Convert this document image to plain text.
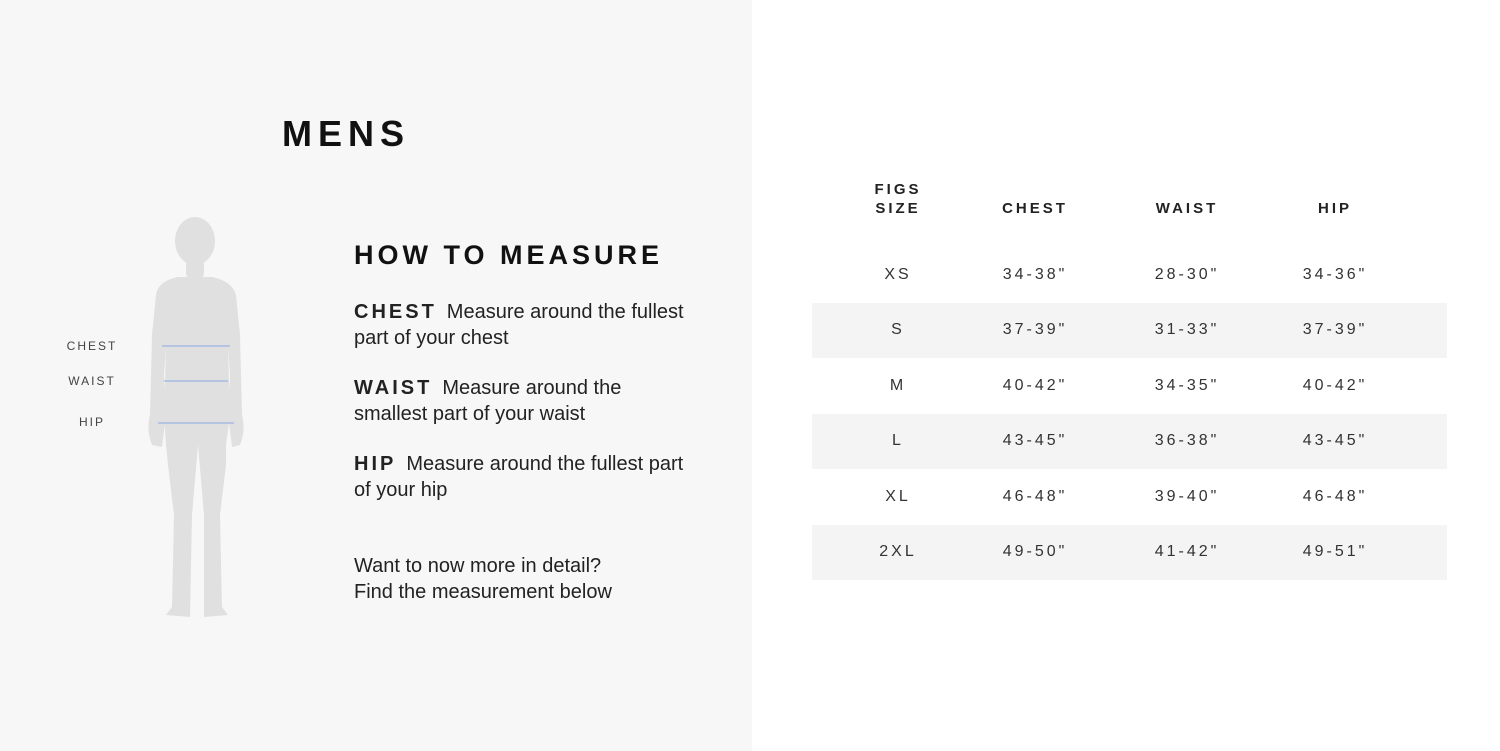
MENS
CHEST
WAIST
HIP
HOW TO MEASURE
CHEST Measure around the fullest part of your chest
WAIST Measure around the smallest part of your waist
HIP Measure around the fullest part of your hip
Want to now more in detail?
Find the measurement below
FIGS
SIZE	CHEST	WAIST	HIP
XS	34-38"	28-30"	34-36"
S	37-39"	31-33"	37-39"
M	40-42"	34-35"	40-42"
L	43-45"	36-38"	43-45"
XL	46-48"	39-40"	46-48"
2XL	49-50"	41-42"	49-51"
